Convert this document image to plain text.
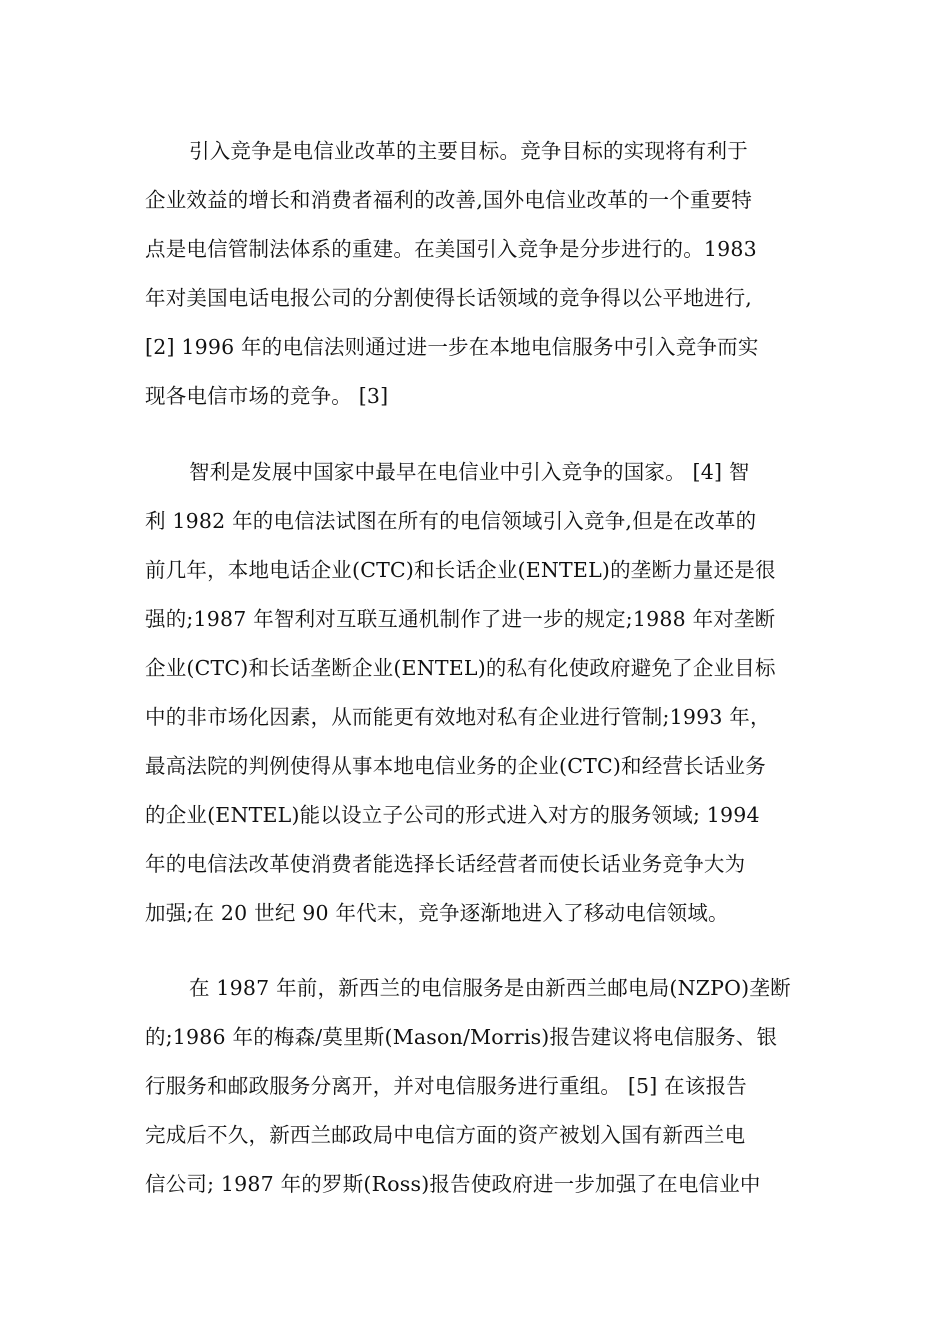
引入竞争是电信业改革的主要目标。竞争目标的实现将有利于
企业效益的增长和消费者福利的改善,国外电信业改革的一个重要特
点是电信管制法体系的重建。在美国引入竞争是分步进行的。1983
年对美国电话电报公司的分割使得长话领域的竞争得以公平地进行,
[2] 1996 年的电信法则通过进一步在本地电信服务中引入竞争而实
现各电信市场的竞争。 [3]
智利是发展中国家中最早在电信业中引入竞争的国家。 [4] 智
利 1982 年的电信法试图在所有的电信领域引入竞争,但是在改革的
前几年，本地电话企业(CTC)和长话企业(ENTEL)的垄断力量还是很
强的;1987 年智利对互联互通机制作了进一步的规定;1988 年对垄断
企业(CTC)和长话垄断企业(ENTEL)的私有化使政府避免了企业目标
中的非市场化因素，从而能更有效地对私有企业进行管制;1993 年，
最高法院的判例使得从事本地电信业务的企业(CTC)和经营长话业务
的企业(ENTEL)能以设立子公司的形式进入对方的服务领域; 1994
年的电信法改革使消费者能选择长话经营者而使长话业务竞争大为
加强;在 20 世纪 90 年代末，竞争逐渐地进入了移动电信领域。
在 1987 年前，新西兰的电信服务是由新西兰邮电局(NZPO)垄断
的;1986 年的梅森/莫里斯(Mason/Morris)报告建议将电信服务、银
行服务和邮政服务分离开，并对电信服务进行重组。 [5] 在该报告
完成后不久，新西兰邮政局中电信方面的资产被划入国有新西兰电
信公司; 1987 年的罗斯(Ross)报告使政府进一步加强了在电信业中
